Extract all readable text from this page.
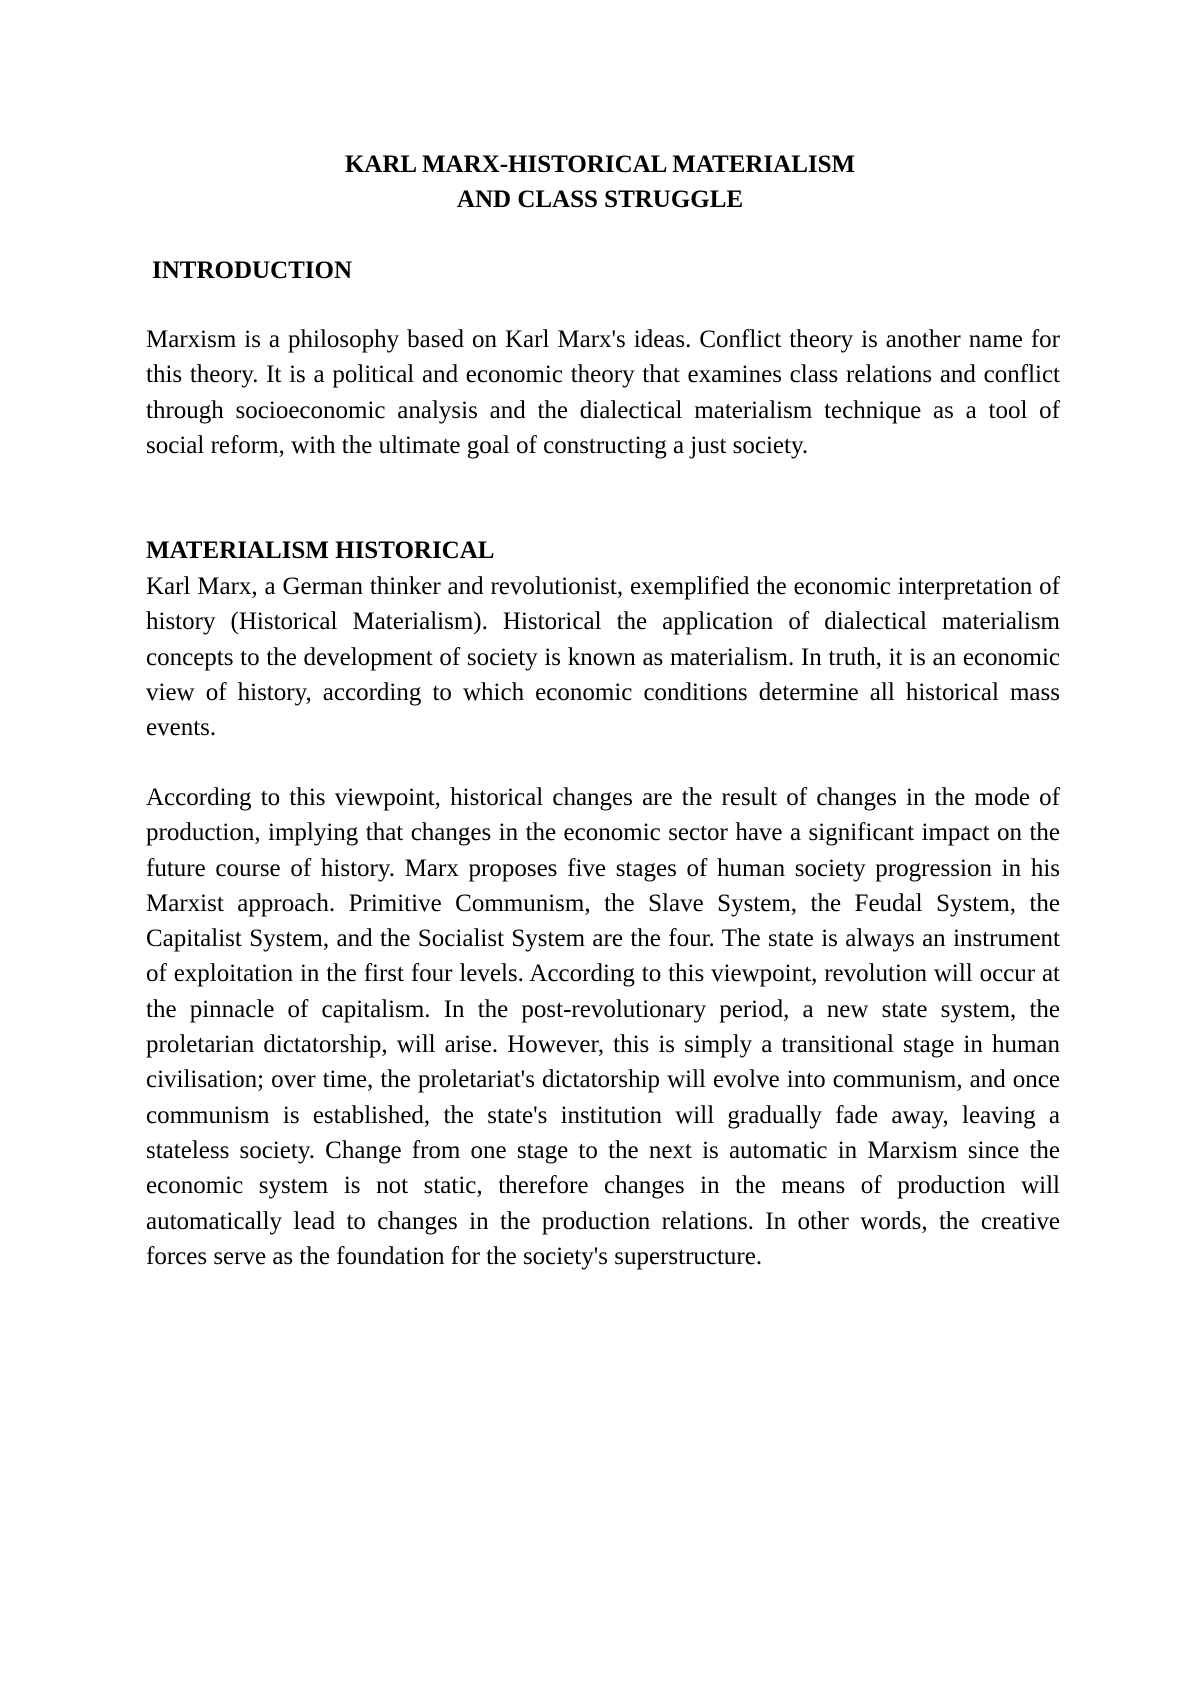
KARL MARX-HISTORICAL MATERIALISM
AND CLASS STRUGGLE
INTRODUCTION

Marxism is a philosophy based on Karl Marx's ideas. Conflict theory is another name for this theory. It is a political and economic theory that examines class relations and conflict through socioeconomic analysis and the dialectical materialism technique as a tool of social reform, with the ultimate goal of constructing a just society.

MATERIALISM HISTORICAL

Karl Marx, a German thinker and revolutionist, exemplified the economic interpretation of history (Historical Materialism). Historical the application of dialectical materialism concepts to the development of society is known as materialism. In truth, it is an economic view of history, according to which economic conditions determine all historical mass events.

According to this viewpoint, historical changes are the result of changes in the mode of production, implying that changes in the economic sector have a significant impact on the future course of history. Marx proposes five stages of human society progression in his Marxist approach. Primitive Communism, the Slave System, the Feudal System, the Capitalist System, and the Socialist System are the four. The state is always an instrument of exploitation in the first four levels. According to this viewpoint, revolution will occur at the pinnacle of capitalism. In the post-revolutionary period, a new state system, the proletarian dictatorship, will arise. However, this is simply a transitional stage in human civilisation; over time, the proletariat's dictatorship will evolve into communism, and once communism is established, the state's institution will gradually fade away, leaving a stateless society. Change from one stage to the next is automatic in Marxism since the economic system is not static, therefore changes in the means of production will automatically lead to changes in the production relations. In other words, the creative forces serve as the foundation for the society's superstructure.
